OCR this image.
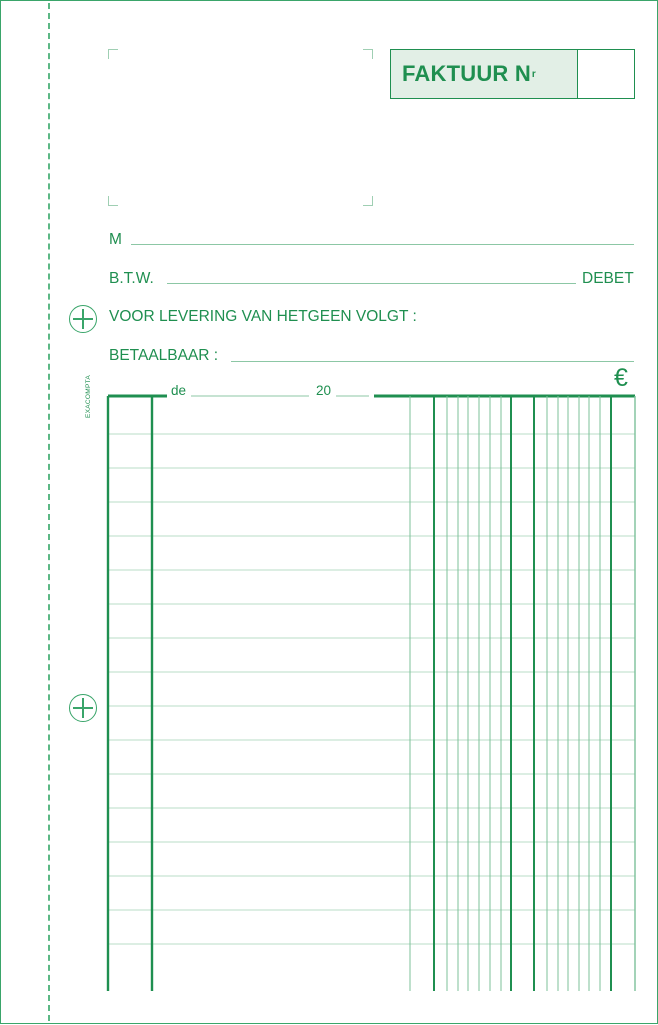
FAKTUUR N r
M
B.T.W.	DEBET
VOOR LEVERING VAN HETGEEN VOLGT :
BETAALBAAR :
€
de	20
EXACOMPTA
